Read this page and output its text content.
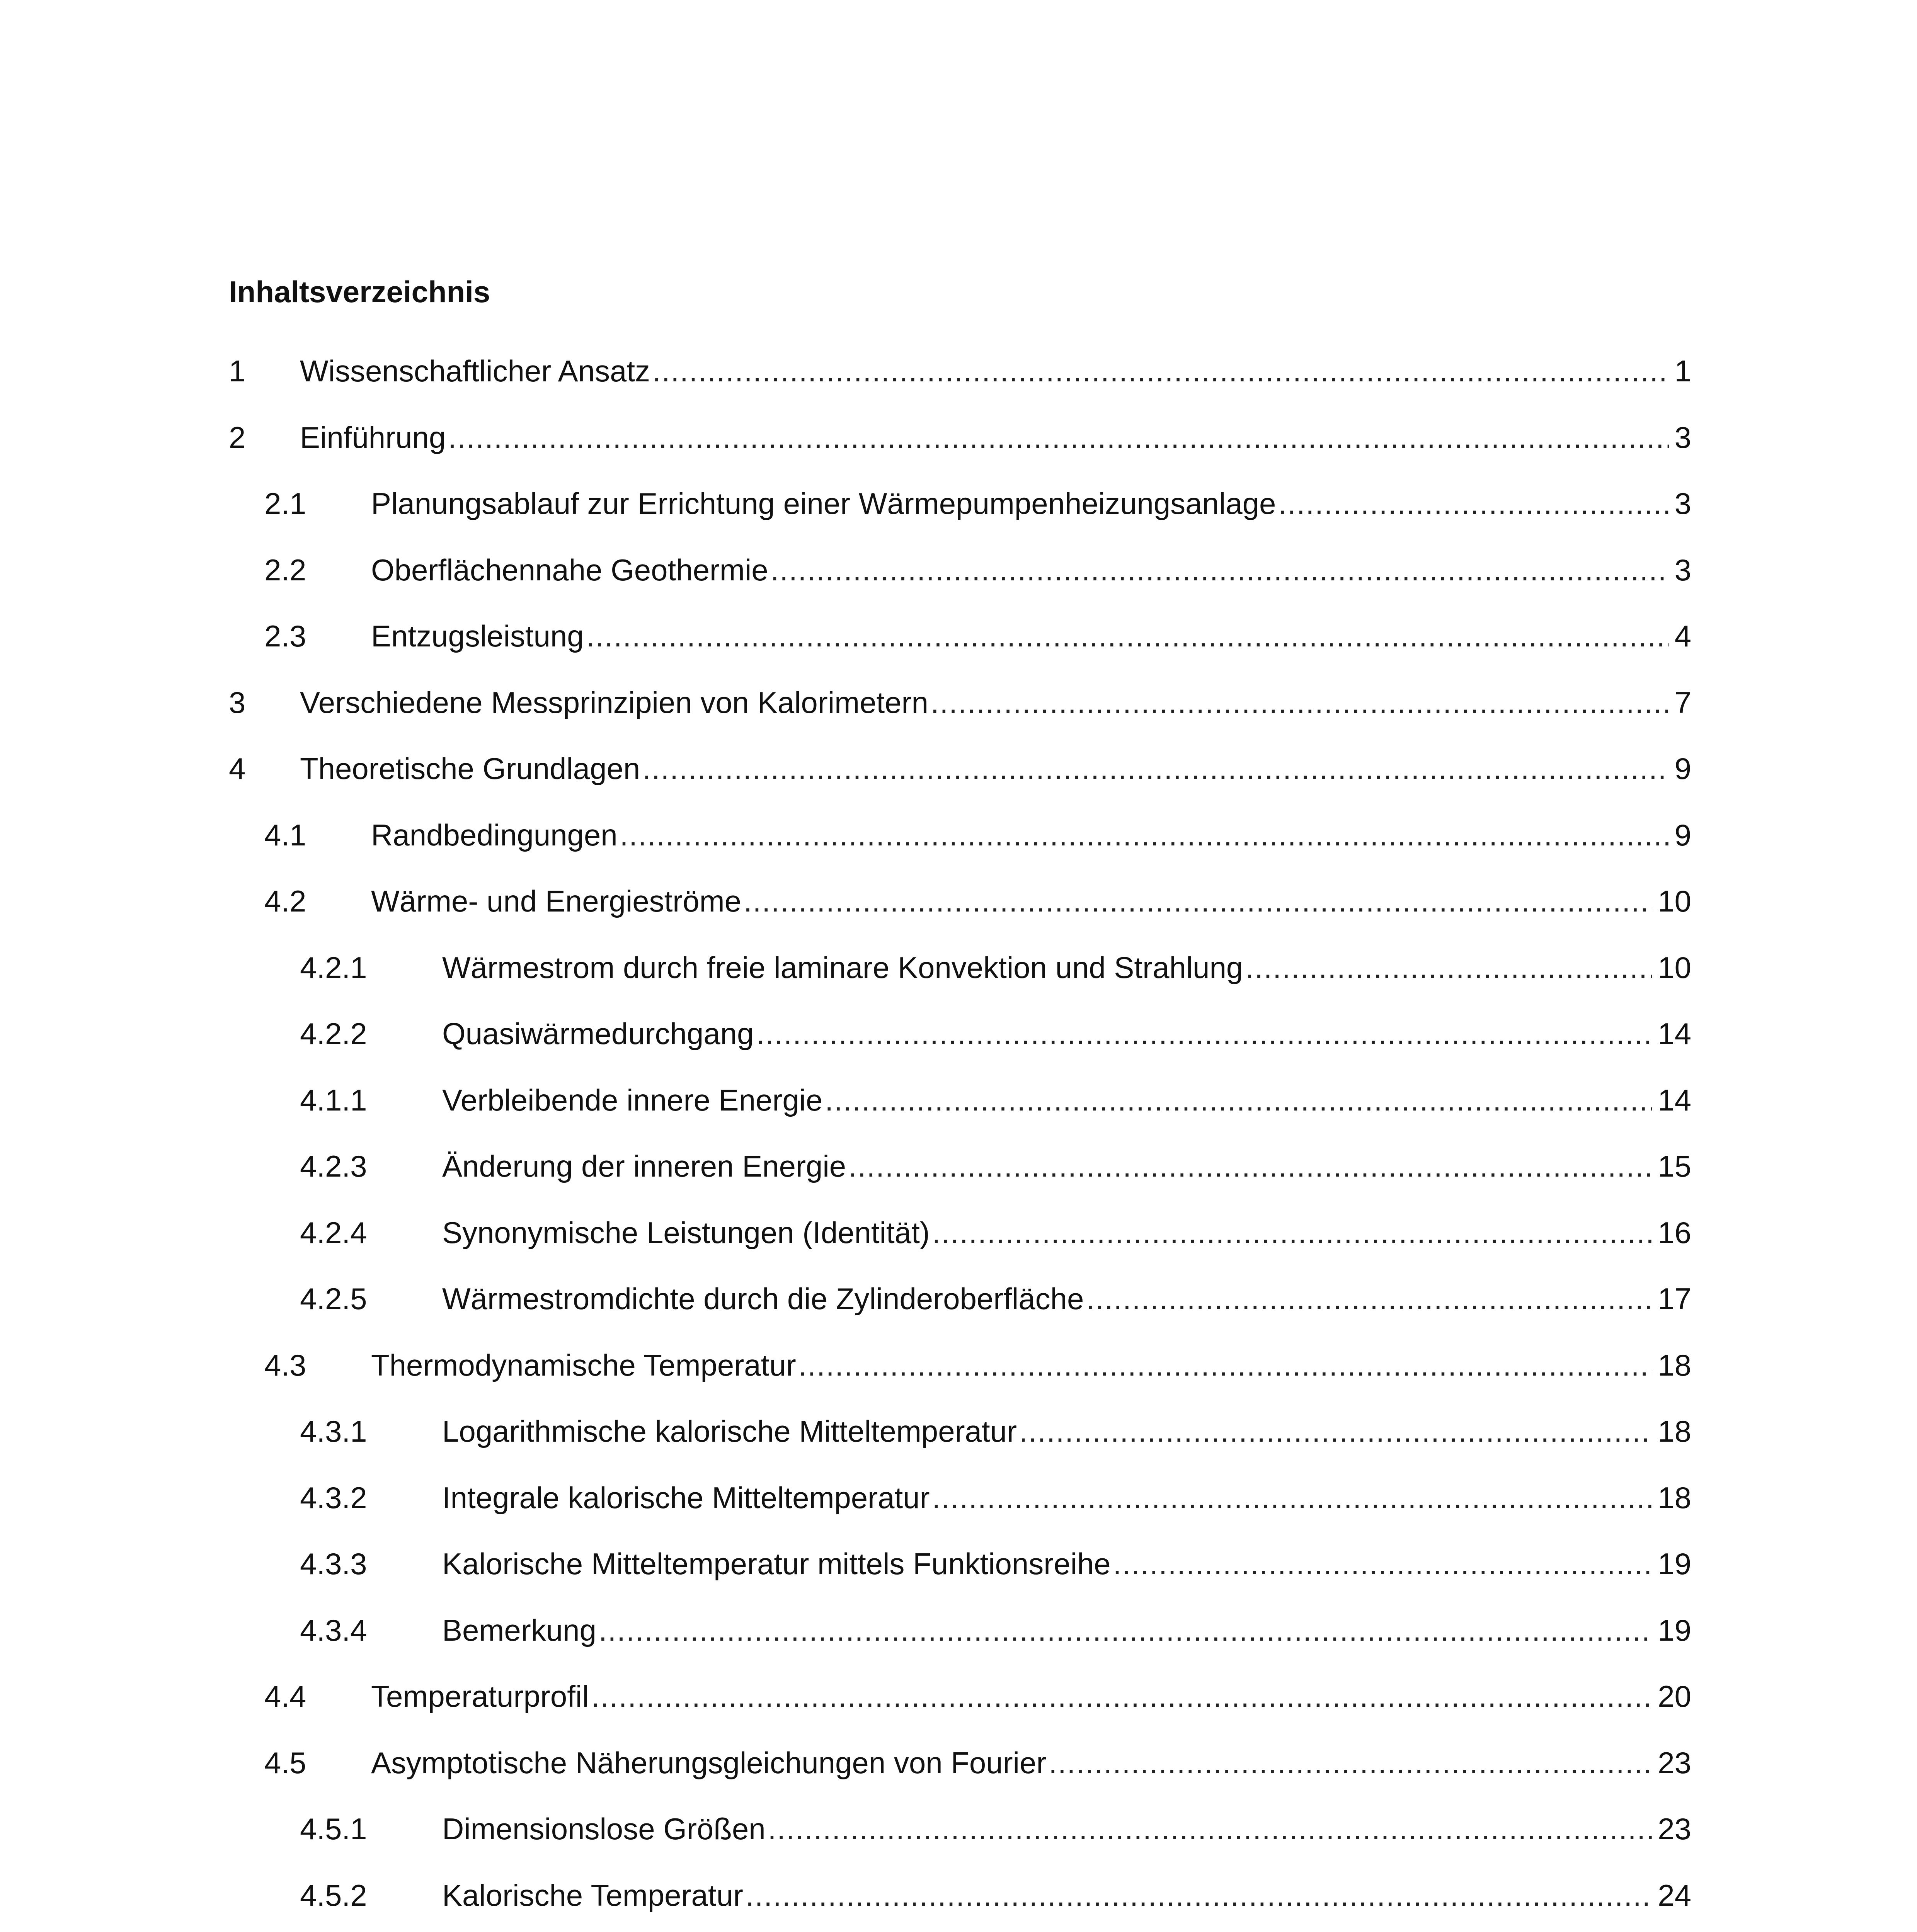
Inhaltsverzeichnis
1 Wissenschaftlicher Ansatz .....	1
2 Einführung .....	3
2.1 Planungsablauf zur Errichtung einer Wärmepumpenheizungsanlage .....	3
2.2 Oberflächennahe Geothermie .....	3
2.3 Entzugsleistung .....	4
3 Verschiedene Messprinzipien von Kalorimetern .....	7
4 Theoretische Grundlagen .....	9
4.1 Randbedingungen .....	9
4.2 Wärme- und Energieströme .....	10
4.2.1 Wärmestrom durch freie laminare Konvektion und Strahlung .....	10
4.2.2 Quasiwärmedurchgang .....	14
4.1.1 Verbleibende innere Energie .....	14
4.2.3 Änderung der inneren Energie .....	15
4.2.4 Synonymische Leistungen (Identität) .....	16
4.2.5 Wärmestromdichte durch die Zylinderoberfläche .....	17
4.3 Thermodynamische Temperatur .....	18
4.3.1 Logarithmische kalorische Mitteltemperatur .....	18
4.3.2 Integrale kalorische Mitteltemperatur .....	18
4.3.3 Kalorische Mitteltemperatur mittels Funktionsreihe .....	19
4.3.4 Bemerkung .....	19
4.4 Temperaturprofil .....	20
4.5 Asymptotische Näherungsgleichungen von Fourier .....	23
4.5.1 Dimensionslose Größen .....	23
4.5.2 Kalorische Temperatur .....	24
